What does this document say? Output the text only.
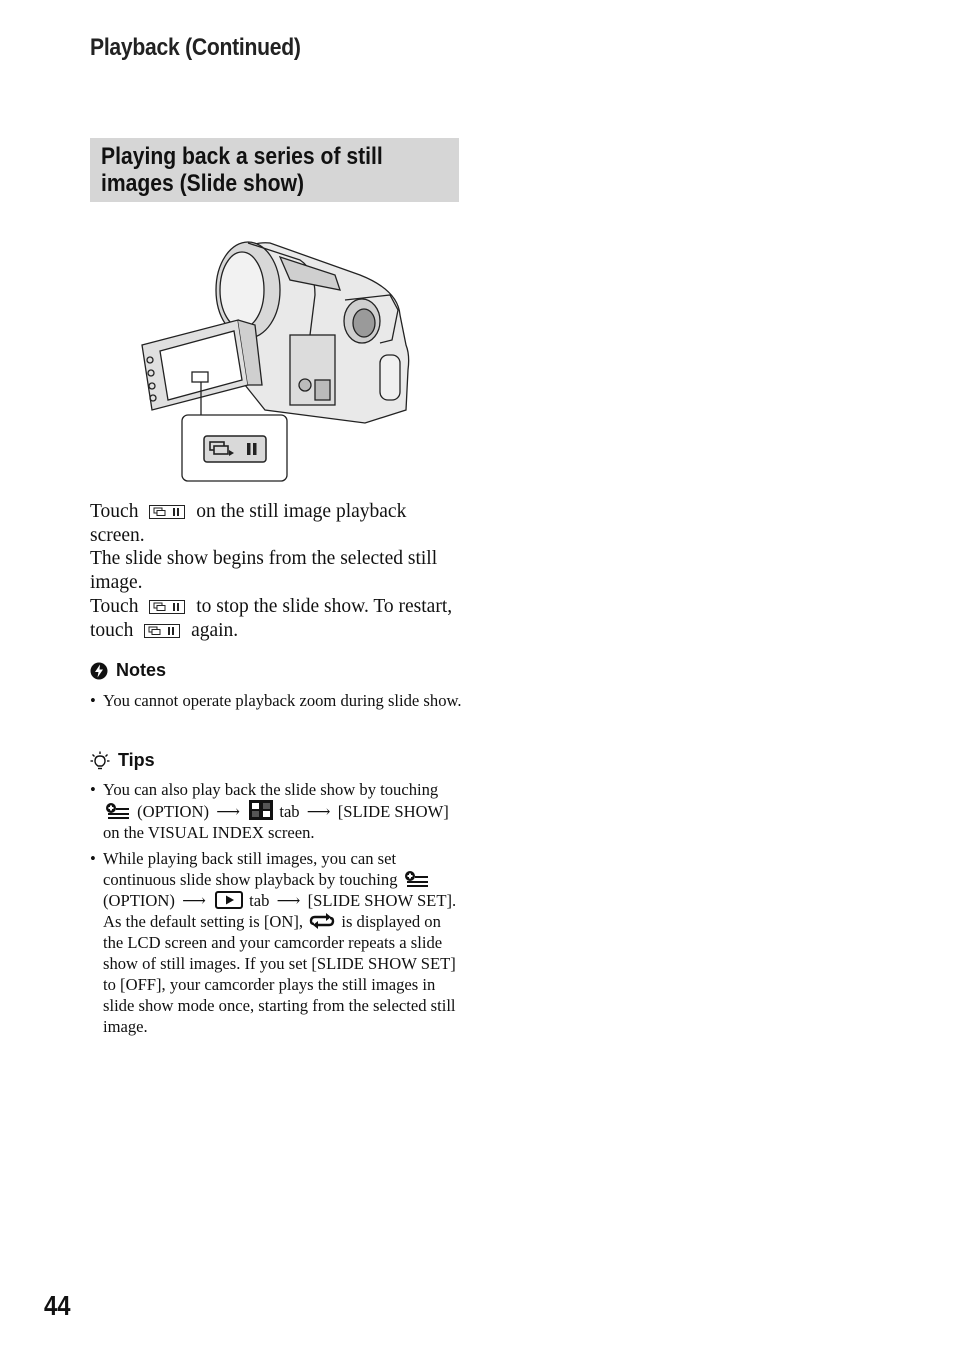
Playback (Continued)
Playing back a series of still
images (Slide show)

Touch	on the still image playback screen.
The slide show begins from the selected still image.
Touch	to stop the slide show. To restart, touch	again.

Notes
• You cannot operate playback zoom during slide show.
Tips
• You can also play back the slide show by touching  (OPTION) ⟶ tab ⟶ [SLIDE SHOW] on the VISUAL INDEX screen.
• While playing back still images, you can set continuous slide show playback by touching  (OPTION) ⟶	tab ⟶ [SLIDE SHOW SET]. As the default setting is [ON], is displayed on the LCD screen and your camcorder repeats a slide show of still images. If you set [SLIDE SHOW SET] to [OFF], your camcorder plays the still images in slide show mode once, starting from the selected still image.
44
